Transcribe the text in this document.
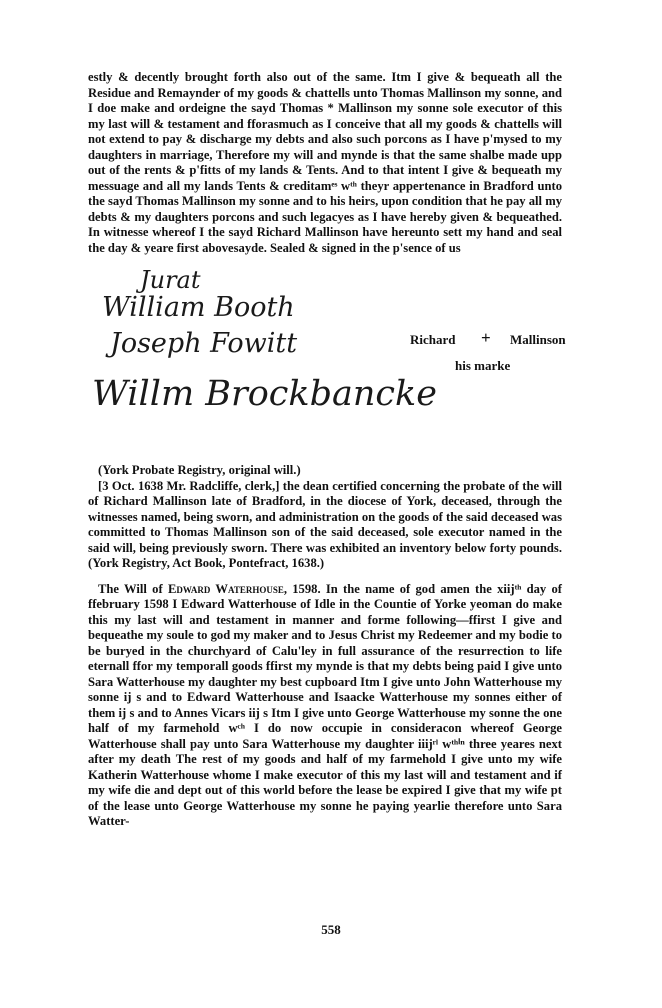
estly & decently brought forth also out of the same. Itm I give & bequeath all the Residue and Remaynder of my goods & chattells unto Thomas Mallinson my sonne, and I doe make and ordeigne the sayd Thomas * Mallinson my sonne sole executor of this my last will & testament and fforasmuch as I conceive that all my goods & chattells will not extend to pay & discharge my debts and also such porcons as I have p'mysed to my daughters in marriage, Therefore my will and mynde is that the same shalbe made upp out of the rents & p'fitts of my lands & Tents. And to that intent I give & bequeath my messuage and all my lands Tents & creditamᵉˢ wᵗʰ theyr appertenance in Bradford unto the sayd Thomas Mallinson my sonne and to his heirs, upon condition that he pay all my debts & my daughters porcons and such legacyes as I have hereby given & bequeathed. In witnesse whereof I the sayd Richard Mallinson have hereunto sett my hand and seal the day & yeare first abovesayde. Sealed & signed in the p'sence of us

Jurat
William Booth
Joseph Fowitt
Willm Brockbancke
Richard + Mallinson
his marke

(York Probate Registry, original will.)

[3 Oct. 1638 Mr. Radcliffe, clerk,] the dean certified concerning the probate of the will of Richard Mallinson late of Bradford, in the diocese of York, deceased, through the witnesses named, being sworn, and administration on the goods of the said deceased was committed to Thomas Mallinson son of the said deceased, sole executor named in the said will, being previously sworn. There was exhibited an inventory below forty pounds. (York Registry, Act Book, Pontefract, 1638.)

The Will of Edward Waterhouse, 1598. In the name of god amen the xiijᵗʰ day of ffebruary 1598 I Edward Watterhouse of Idle in the Countie of Yorke yeoman do make this my last will and testament in manner and forme following—ffirst I give and bequeathe my soule to god my maker and to Jesus Christ my Redeemer and my bodie to be buryed in the churchyard of Calu'ley in full assurance of the resurrection to life eternall ffor my temporall goods ffirst my mynde is that my debts being paid I give unto Sara Watterhouse my daughter my best cupboard Itm I give unto John Watterhouse my sonne ij s and to Edward Watterhouse and Isaacke Watterhouse my sonnes either of them ij s and to Annes Vicars iij s Itm I give unto George Watterhouse my sonne the one half of my farmehold wᶜʰ I do now occupie in consideracon whereof George Watterhouse shall pay unto Sara Watterhouse my daughter iiijʳˡ wᵗʰⁱⁿ three yeares next after my death The rest of my goods and half of my farmehold I give unto my wife Katherin Watterhouse whome I make executor of this my last will and testament and if my wife die and dept out of this world before the lease be expired I give that my wife pt of the lease unto George Watterhouse my sonne he paying yearlie therefore unto Sara Watter-

558
